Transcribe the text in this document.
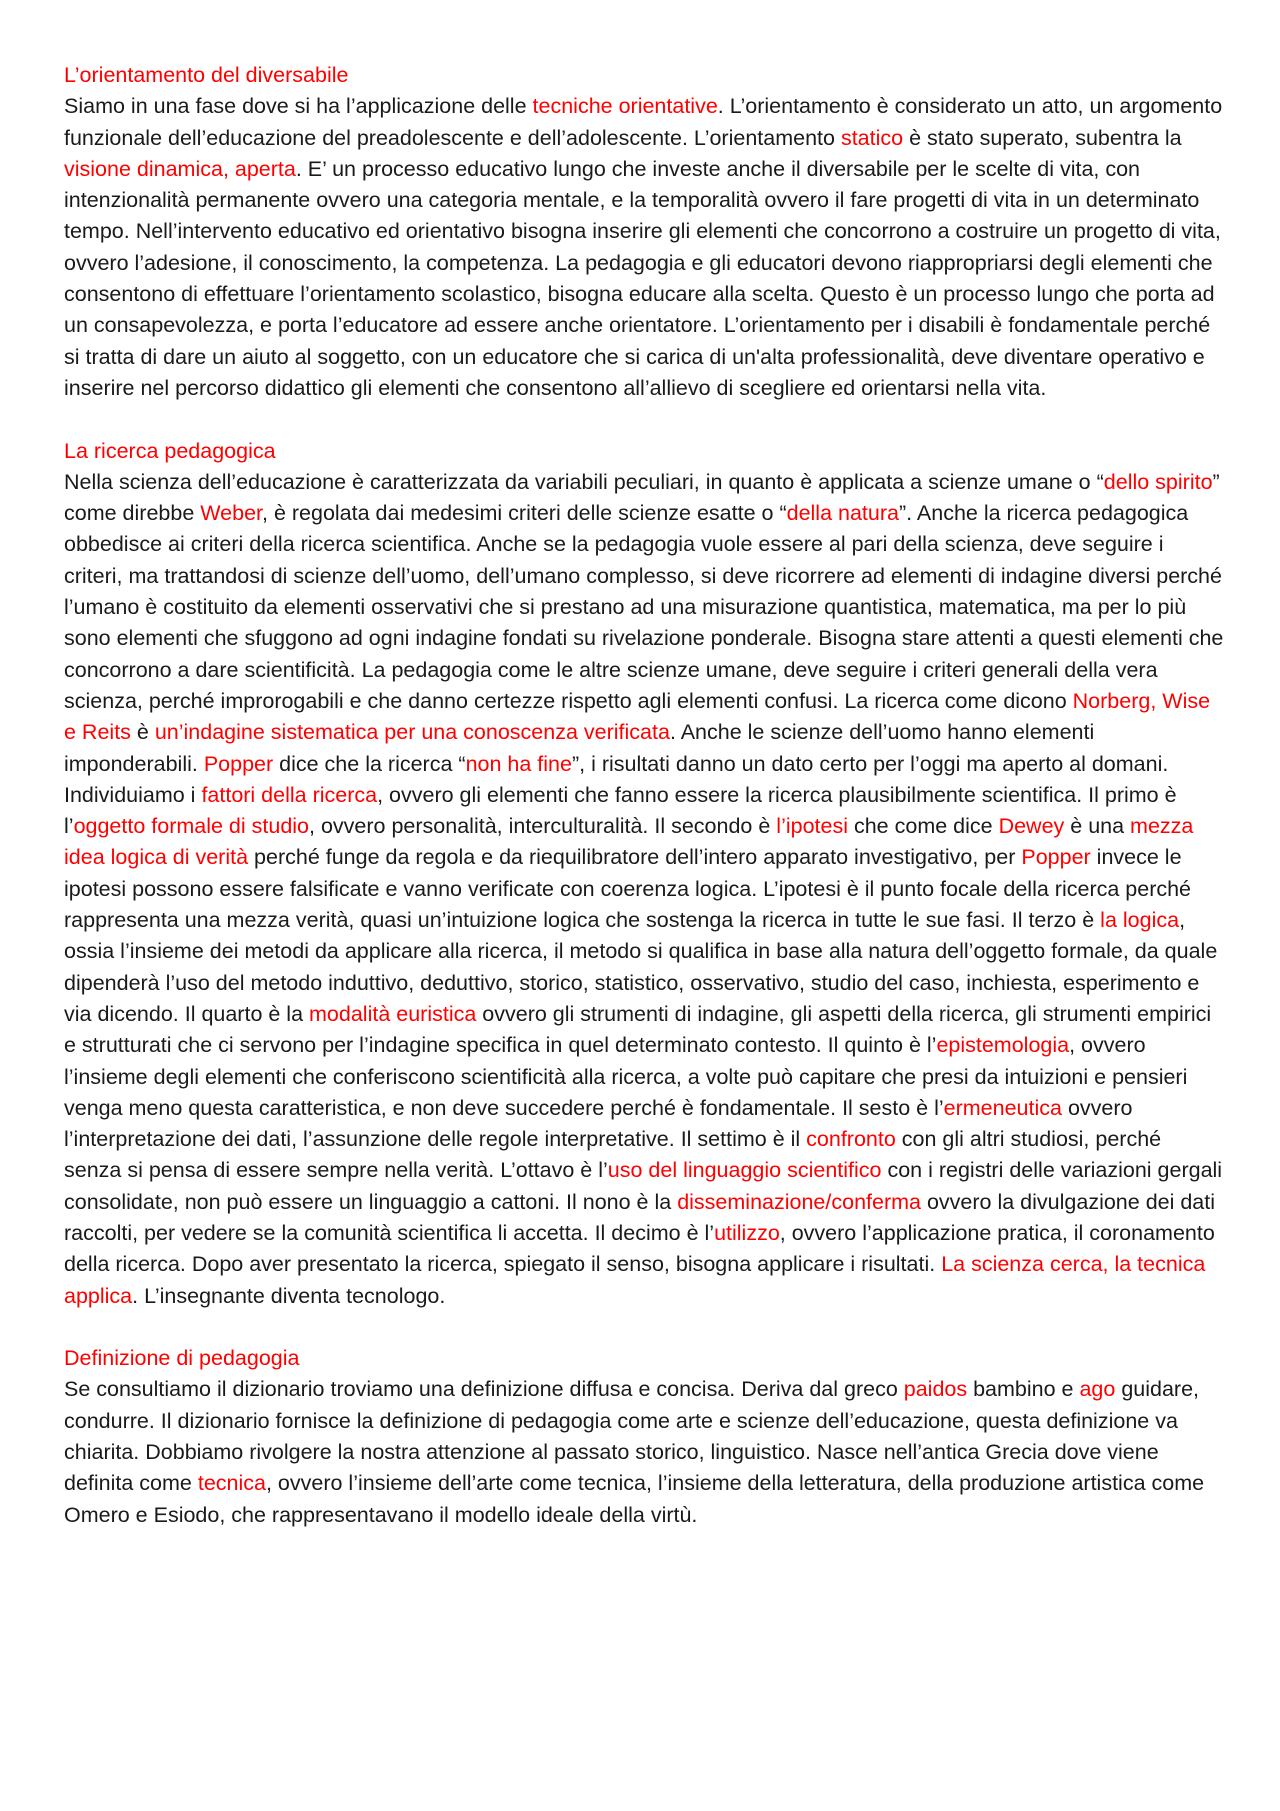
L’orientamento del diversabile

Siamo in una fase dove si ha l’applicazione delle tecniche orientative. L’orientamento è considerato un atto, un argomento funzionale dell’educazione del preadolescente e dell’adolescente. L’orientamento statico è stato superato, subentra la visione dinamica, aperta. E’ un processo educativo lungo che investe anche il diversabile per le scelte di vita, con intenzionalità permanente ovvero una categoria mentale, e la temporalità ovvero il fare progetti di vita in un determinato tempo. Nell’intervento educativo ed orientativo bisogna inserire gli elementi che concorrono a costruire un progetto di vita, ovvero l’adesione, il conoscimento, la competenza. La pedagogia e gli educatori devono riappropriarsi degli elementi che consentono di effettuare l’orientamento scolastico, bisogna educare alla scelta. Questo è un processo lungo che porta ad un consapevolezza, e porta l’educatore ad essere anche orientatore. L’orientamento per i disabili è fondamentale perché si tratta di dare un aiuto al soggetto, con un educatore che si carica di un'alta professionalità, deve diventare operativo e inserire nel percorso didattico gli elementi che consentono all’allievo di scegliere ed orientarsi nella vita.

La ricerca pedagogica

Nella scienza dell’educazione è caratterizzata da variabili peculiari, in quanto è applicata a scienze umane o “dello spirito” come direbbe Weber, è regolata dai medesimi criteri delle scienze esatte o “della natura”. Anche la ricerca pedagogica obbedisce ai criteri della ricerca scientifica. Anche se la pedagogia vuole essere al pari della scienza, deve seguire i criteri, ma trattandosi di scienze dell’uomo, dell’umano complesso, si deve ricorrere ad elementi di indagine diversi perché l’umano è costituito da elementi osservativi che si prestano ad una misurazione quantistica, matematica, ma per lo più sono elementi che sfuggono ad ogni indagine fondati su rivelazione ponderale. Bisogna stare attenti a questi elementi che concorrono a dare scientificità. La pedagogia come le altre scienze umane, deve seguire i criteri generali della vera scienza, perché improrogabili e che danno certezze rispetto agli elementi confusi. La ricerca come dicono Norberg, Wise e Reits è un’indagine sistematica per una conoscenza verificata. Anche le scienze dell’uomo hanno elementi imponderabili. Popper dice che la ricerca “non ha fine”, i risultati danno un dato certo per l’oggi ma aperto al domani. Individuiamo i fattori della ricerca, ovvero gli elementi che fanno essere la ricerca plausibilmente scientifica. Il primo è l’oggetto formale di studio, ovvero personalità, interculturalità. Il secondo è l’ipotesi che come dice Dewey è una mezza idea logica di verità perché funge da regola e da riequilibratore dell’intero apparato investigativo, per Popper invece le ipotesi possono essere falsificate e vanno verificate con coerenza logica. L’ipotesi è il punto focale della ricerca perché rappresenta una mezza verità, quasi un’intuizione logica che sostenga la ricerca in tutte le sue fasi. Il terzo è la logica, ossia l’insieme dei metodi da applicare alla ricerca, il metodo si qualifica in base alla natura dell’oggetto formale, da quale dipenderà l’uso del metodo induttivo, deduttivo, storico, statistico, osservativo, studio del caso, inchiesta, esperimento e via dicendo. Il quarto è la modalità euristica ovvero gli strumenti di indagine, gli aspetti della ricerca, gli strumenti empirici e strutturati che ci servono per l’indagine specifica in quel determinato contesto. Il quinto è l’epistemologia, ovvero l’insieme degli elementi che conferiscono scientificità alla ricerca, a volte può capitare che presi da intuizioni e pensieri venga meno questa caratteristica, e non deve succedere perché è fondamentale. Il sesto è l’ermeneutica ovvero l’interpretazione dei dati, l’assunzione delle regole interpretative. Il settimo è il confronto con gli altri studiosi, perché senza si pensa di essere sempre nella verità. L’ottavo è l’uso del linguaggio scientifico con i registri delle variazioni gergali consolidate, non può essere un linguaggio a cattoni. Il nono è la disseminazione/conferma ovvero la divulgazione dei dati raccolti, per vedere se la comunità scientifica li accetta. Il decimo è l’utilizzo, ovvero l’applicazione pratica, il coronamento della ricerca. Dopo aver presentato la ricerca, spiegato il senso, bisogna applicare i risultati. La scienza cerca, la tecnica applica. L’insegnante diventa tecnologo.

Definizione di pedagogia

Se consultiamo il dizionario troviamo una definizione diffusa e concisa. Deriva dal greco paidos bambino e ago guidare, condurre. Il dizionario fornisce la definizione di pedagogia come arte e scienze dell’educazione, questa definizione va chiarita. Dobbiamo rivolgere la nostra attenzione al passato storico, linguistico. Nasce nell’antica Grecia dove viene definita come tecnica, ovvero l’insieme dell’arte come tecnica, l’insieme della letteratura, della produzione artistica come Omero e Esiodo, che rappresentavano il modello ideale della virtù.
